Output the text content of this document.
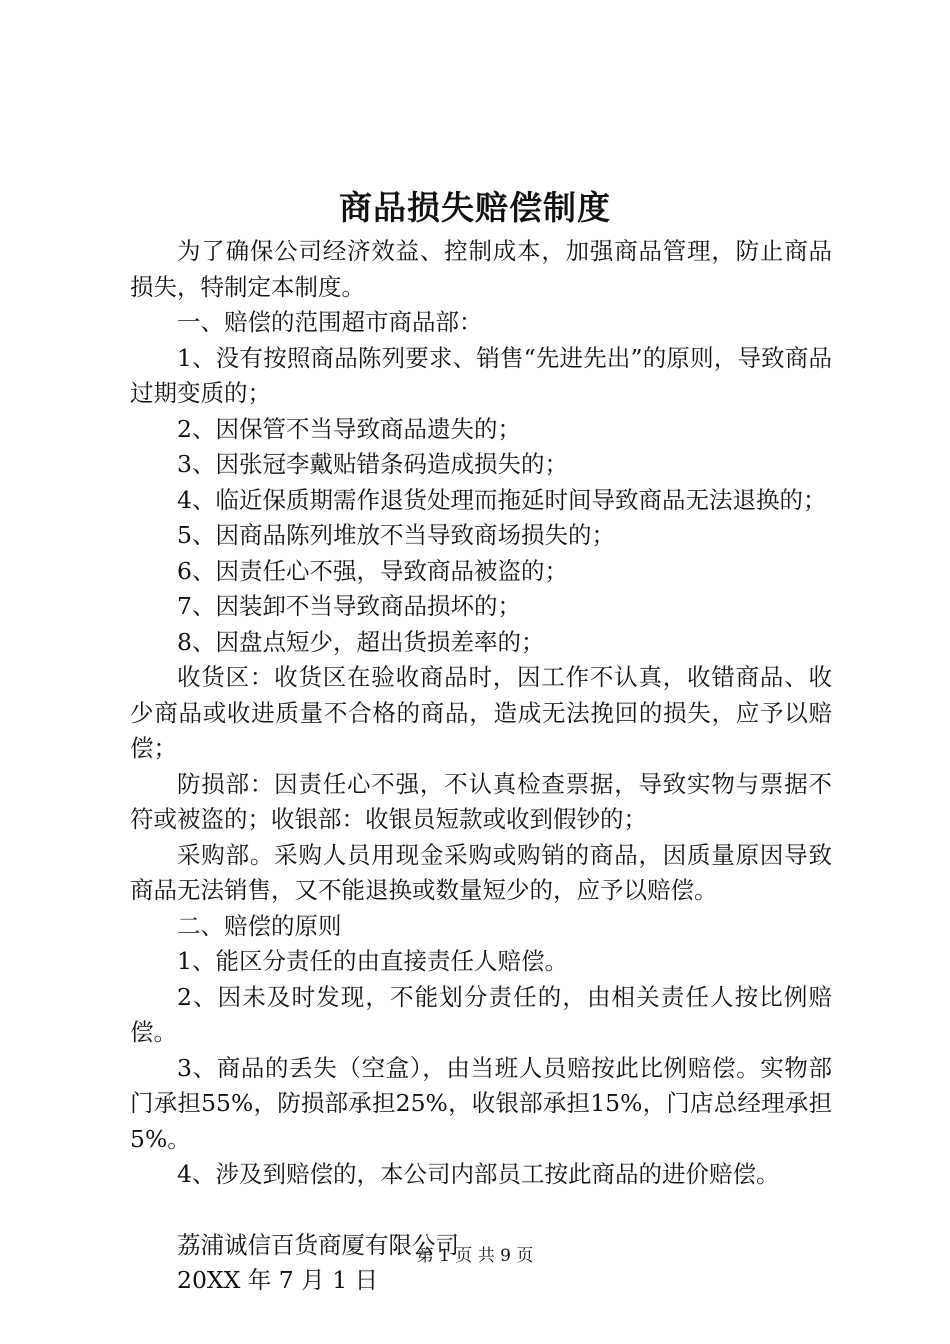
商品损失赔偿制度

为了确保公司经济效益、控制成本，加强商品管理，防止商品损失，特制定本制度。

一、赔偿的范围超市商品部：

1、没有按照商品陈列要求、销售“先进先出”的原则，导致商品过期变质的；

2、因保管不当导致商品遗失的；

3、因张冠李戴贴错条码造成损失的；

4、临近保质期需作退货处理而拖延时间导致商品无法退换的；

5、因商品陈列堆放不当导致商场损失的；

6、因责任心不强，导致商品被盗的；

7、因装卸不当导致商品损坏的；

8、因盘点短少，超出货损差率的；

收货区：收货区在验收商品时，因工作不认真，收错商品、收少商品或收进质量不合格的商品，造成无法挽回的损失，应予以赔偿；

防损部：因责任心不强，不认真检查票据，导致实物与票据不符或被盗的；收银部：收银员短款或收到假钞的；

采购部。采购人员用现金采购或购销的商品，因质量原因导致商品无法销售，又不能退换或数量短少的，应予以赔偿。

二、赔偿的原则

1、能区分责任的由直接责任人赔偿。

2、因未及时发现，不能划分责任的，由相关责任人按比例赔偿。

3、商品的丢失（空盒），由当班人员赔按此比例赔偿。实物部门承担55%，防损部承担25%，收银部承担15%，门店总经理承担5%。

4、涉及到赔偿的，本公司内部员工按此商品的进价赔偿。

荔浦诚信百货商厦有限公司

20XX 年 7 月 1 日

第 1 页 共 9 页
